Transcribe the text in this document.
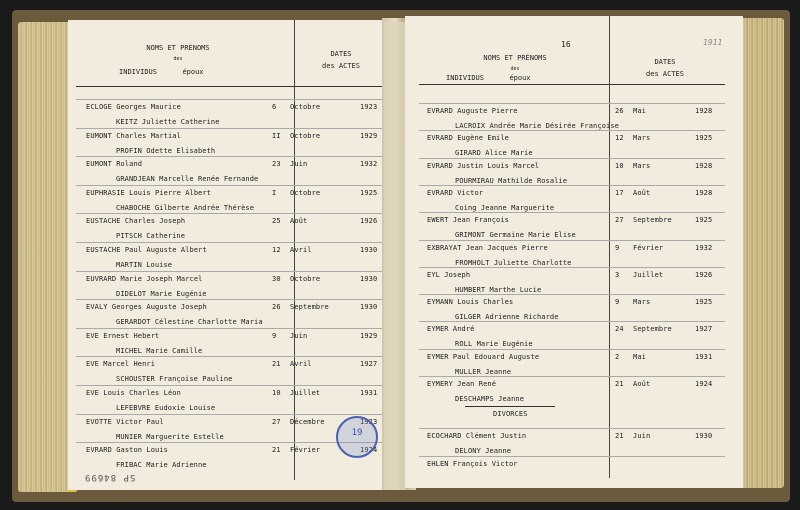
NOMS ET PRÉNOMS
des
INDIVIDUS	époux
DATES
des ACTES
ECLOGE Georges Maurice
KEITZ Juliette Catherine
6 Octobre	1923
EUMONT Charles Martial
PROFIN Odette Elisabeth
II Octobre	1929
EUMONT Roland
GRANDJEAN Marcelle Renée Fernande
23 Juin	1932
EUPHRASIE Louis Pierre Albert
CHABOCHE Gilberte Andrée Thérèse
I Octobre	1925
EUSTACHE Charles Joseph
PITSCH Catherine
25 Août	1926
EUSTACHE Paul Auguste Albert
MARTIN Louise
12 Avril	1930
EUVRARD Marie Joseph Marcel
DIDELOT Marie Eugénie
30 Octobre	1930
EVALY Georges Auguste Joseph
GERARDOT Célestine Charlotte Maria
26 Septembre	1930
EVE Ernest Hebert
MICHEL Marie Camille
9 Juin	1929
EVE Marcel Henri
SCHOUSTER Françoise Pauline
21 Avril	1927
EVE Louis Charles Léon
LEFEBVRE Eudoxie Louise
10 Juillet	1931
EVOTTE Victor Paul
MUNIER Marguerite Estelle
27 Décembre	1923
EVRARD Gaston Louis
FRIBAC Marie Adrienne
21 Février	1924
19
SP 84699
16	1911
NOMS ET PRÉNOMS
des
INDIVIDUS	époux
DATES
des ACTES
EVRARD Auguste Pierre
LACROIX Andrée Marie Désirée Françoise
26 Mai	1928
EVRARD Eugène Emile
GIRARD Alice Marie
12 Mars	1925
EVRARD Justin Louis Marcel
POURMIRAU Mathilde Rosalie
10 Mars	1928
EVRARD Victor
Coing Jeanne Marguerite
17 Août	1928
EWERT Jean François
GRIMONT Germaine Marie Elise
27 Septembre	1925
EXBRAYAT Jean Jacques Pierre
FROMHOLT Juliette Charlotte
9 Février	1932
EYL Joseph
HUMBERT Marthe Lucie
3 Juillet	1926
EYMANN Louis Charles
GILGER Adrienne Richarde
9 Mars	1925
EYMER André
ROLL Marie Eugénie
24 Septembre	1927
EYMER Paul Edouard Auguste
MULLER Jeanne
2 Mai	1931
EYMERY Jean René
DESCHAMPS Jeanne
21 Août	1924
DIVORCES
ECOCHARD Clément Justin
DELONY Jeanne
21 Juin	1930
EHLEN François Victor
